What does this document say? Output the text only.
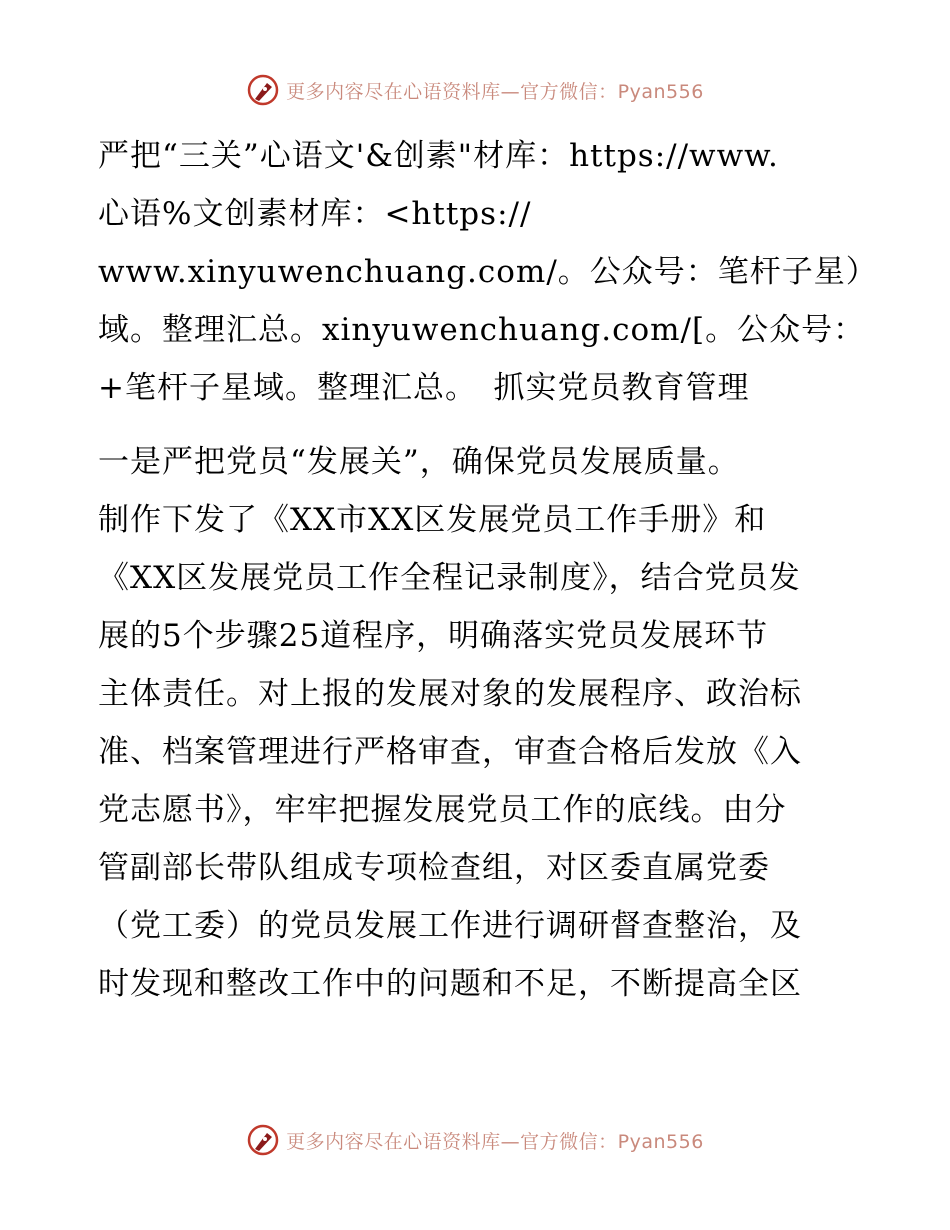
更多内容尽在心语资料库—官方微信：Pyan556
严把“三关”心语文'&创素"材库：https://www.
心语%文创素材库：<https://
www.xinyuwenchuang.com/。公众号：笔杆子星）
域。整理汇总。xinyuwenchuang.com/[。公众号：
+笔杆子星域。整理汇总。　抓实党员教育管理
一是严把党员“发展关”，确保党员发展质量。
制作下发了《XX市XX区发展党员工作手册》和
《XX区发展党员工作全程记录制度》，结合党员发
展的5个步骤25道程序，明确落实党员发展环节
主体责任。对上报的发展对象的发展程序、政治标
准、档案管理进行严格审查，审查合格后发放《入
党志愿书》，牢牢把握发展党员工作的底线。由分
管副部长带队组成专项检查组，对区委直属党委
（党工委）的党员发展工作进行调研督查整治，及
时发现和整改工作中的问题和不足，不断提高全区
更多内容尽在心语资料库—官方微信：Pyan556
